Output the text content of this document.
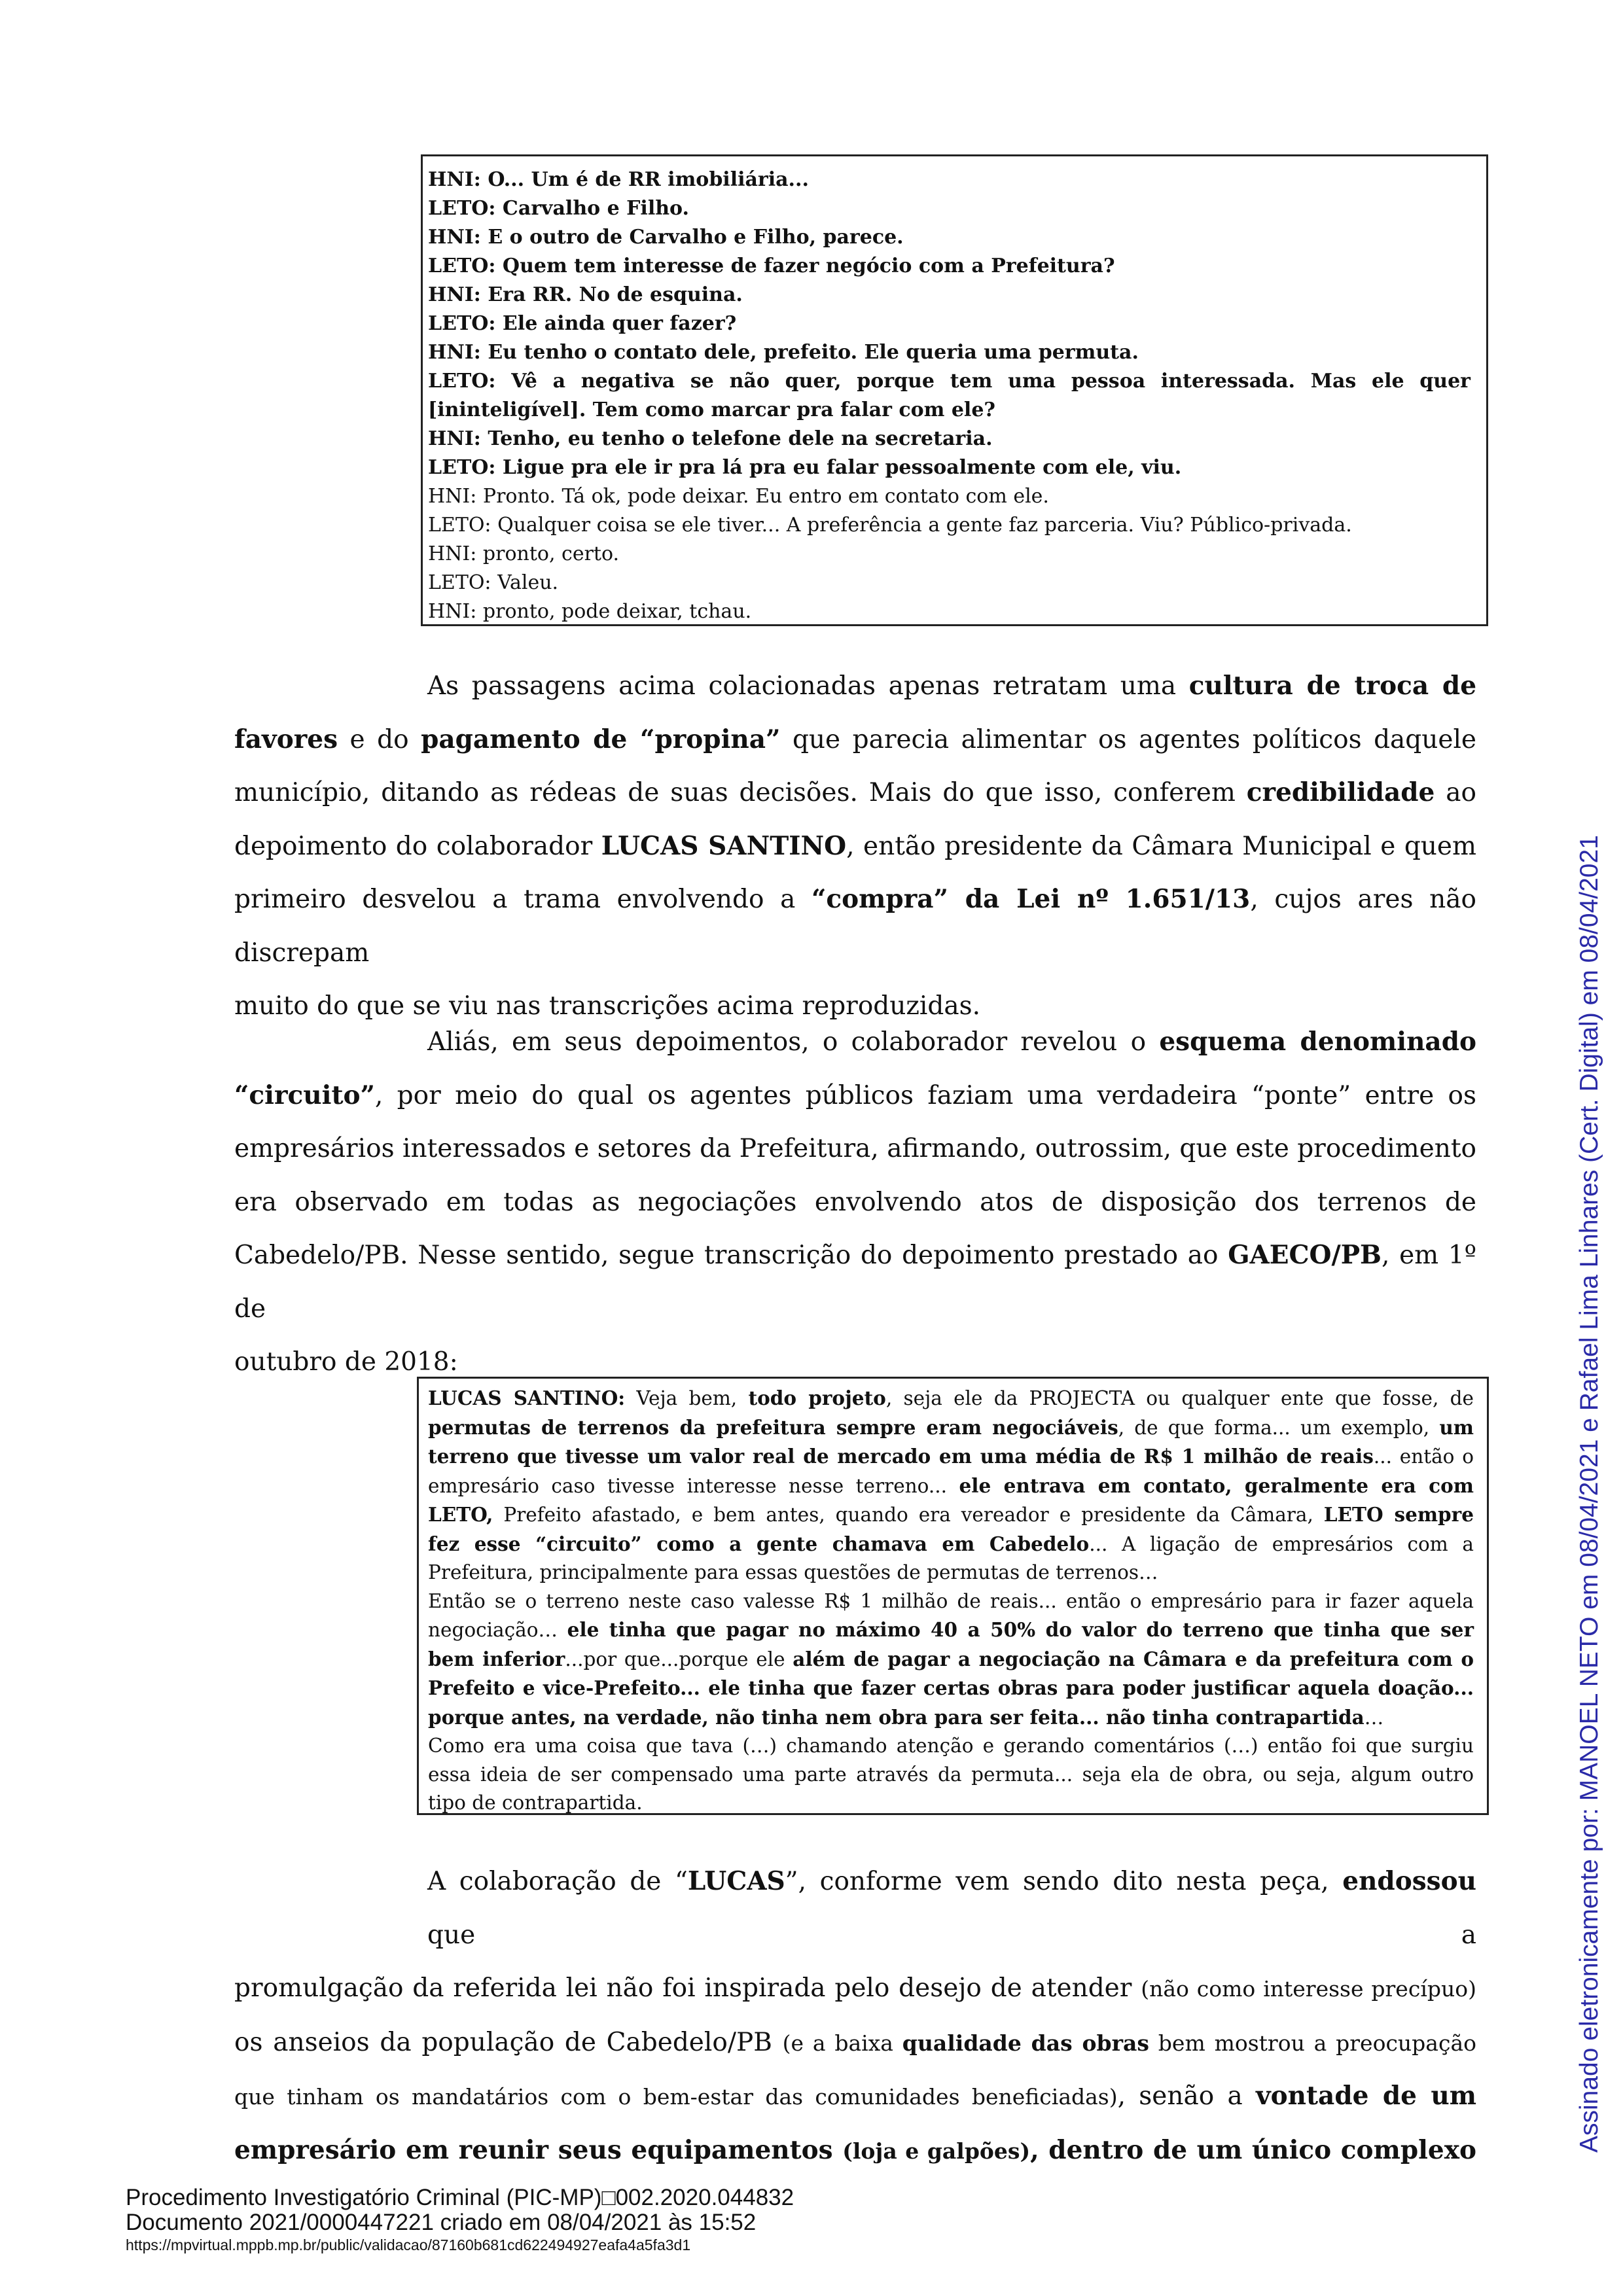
HNI: O... Um é de RR imobiliária...
LETO: Carvalho e Filho.
HNI: E o outro de Carvalho e Filho, parece.
LETO: Quem tem interesse de fazer negócio com a Prefeitura?
HNI: Era RR. No de esquina.
LETO: Ele ainda quer fazer?
HNI: Eu tenho o contato dele, prefeito. Ele queria uma permuta.
LETO: Vê a negativa se não quer, porque tem uma pessoa interessada. Mas ele quer
[ininteligível]. Tem como marcar pra falar com ele?
HNI: Tenho, eu tenho o telefone dele na secretaria.
LETO: Ligue pra ele ir pra lá pra eu falar pessoalmente com ele, viu.
HNI: Pronto. Tá ok, pode deixar. Eu entro em contato com ele.
LETO: Qualquer coisa se ele tiver... A preferência a gente faz parceria. Viu? Público-privada.
HNI: pronto, certo.
LETO: Valeu.
HNI: pronto, pode deixar, tchau.
As passagens acima colacionadas apenas retratam uma cultura de troca de
favores e do pagamento de “propina” que parecia alimentar os agentes políticos daquele
município, ditando as rédeas de suas decisões. Mais do que isso, conferem credibilidade ao
depoimento do colaborador LUCAS SANTINO, então presidente da Câmara Municipal e quem
primeiro desvelou a trama envolvendo a “compra” da Lei nº 1.651/13, cujos ares não discrepam
muito do que se viu nas transcrições acima reproduzidas.
Aliás, em seus depoimentos, o colaborador revelou o esquema denominado
“circuito”, por meio do qual os agentes públicos faziam uma verdadeira “ponte” entre os
empresários interessados e setores da Prefeitura, afirmando, outrossim, que este procedimento
era observado em todas as negociações envolvendo atos de disposição dos terrenos de
Cabedelo/PB. Nesse sentido, segue transcrição do depoimento prestado ao GAECO/PB, em 1º de
outubro de 2018:
LUCAS SANTINO: Veja bem, todo projeto, seja ele da PROJECTA ou qualquer ente que fosse, de
permutas de terrenos da prefeitura sempre eram negociáveis, de que forma... um exemplo, um
terreno que tivesse um valor real de mercado em uma média de R$ 1 milhão de reais... então o
empresário caso tivesse interesse nesse terreno... ele entrava em contato, geralmente era com
LETO, Prefeito afastado, e bem antes, quando era vereador e presidente da Câmara, LETO sempre
fez esse “circuito” como a gente chamava em Cabedelo... A ligação de empresários com a
Prefeitura, principalmente para essas questões de permutas de terrenos…
Então se o terreno neste caso valesse R$ 1 milhão de reais... então o empresário para ir fazer aquela
negociação… ele tinha que pagar no máximo 40 a 50% do valor do terreno que tinha que ser
bem inferior...por que...porque ele além de pagar a negociação na Câmara e da prefeitura com o
Prefeito e vice-Prefeito... ele tinha que fazer certas obras para poder justificar aquela doação...
porque antes, na verdade, não tinha nem obra para ser feita... não tinha contrapartida…
Como era uma coisa que tava (…) chamando atenção e gerando comentários (…) então foi que surgiu
essa ideia de ser compensado uma parte através da permuta... seja ela de obra, ou seja, algum outro
tipo de contrapartida.
A colaboração de “LUCAS”, conforme vem sendo dito nesta peça, endossou que a
promulgação da referida lei não foi inspirada pelo desejo de atender (não como interesse precípuo)
os anseios da população de Cabedelo/PB (e a baixa qualidade das obras bem mostrou a preocupação
que tinham os mandatários com o bem-estar das comunidades beneficiadas), senão a vontade de um
empresário em reunir seus equipamentos (loja e galpões), dentro de um único complexo	Assinado eletronicamente por: MANOEL NETO em 08/04/2021 e Rafael Lima Linhares (Cert. Digital) em 08/04/2021
Procedimento Investigatório Criminal (PIC-MP)□002.2020.044832
Documento 2021/0000447221 criado em 08/04/2021 às 15:52
https://mpvirtual.mppb.mp.br/public/validacao/87160b681cd622494927eafa4a5fa3d1
